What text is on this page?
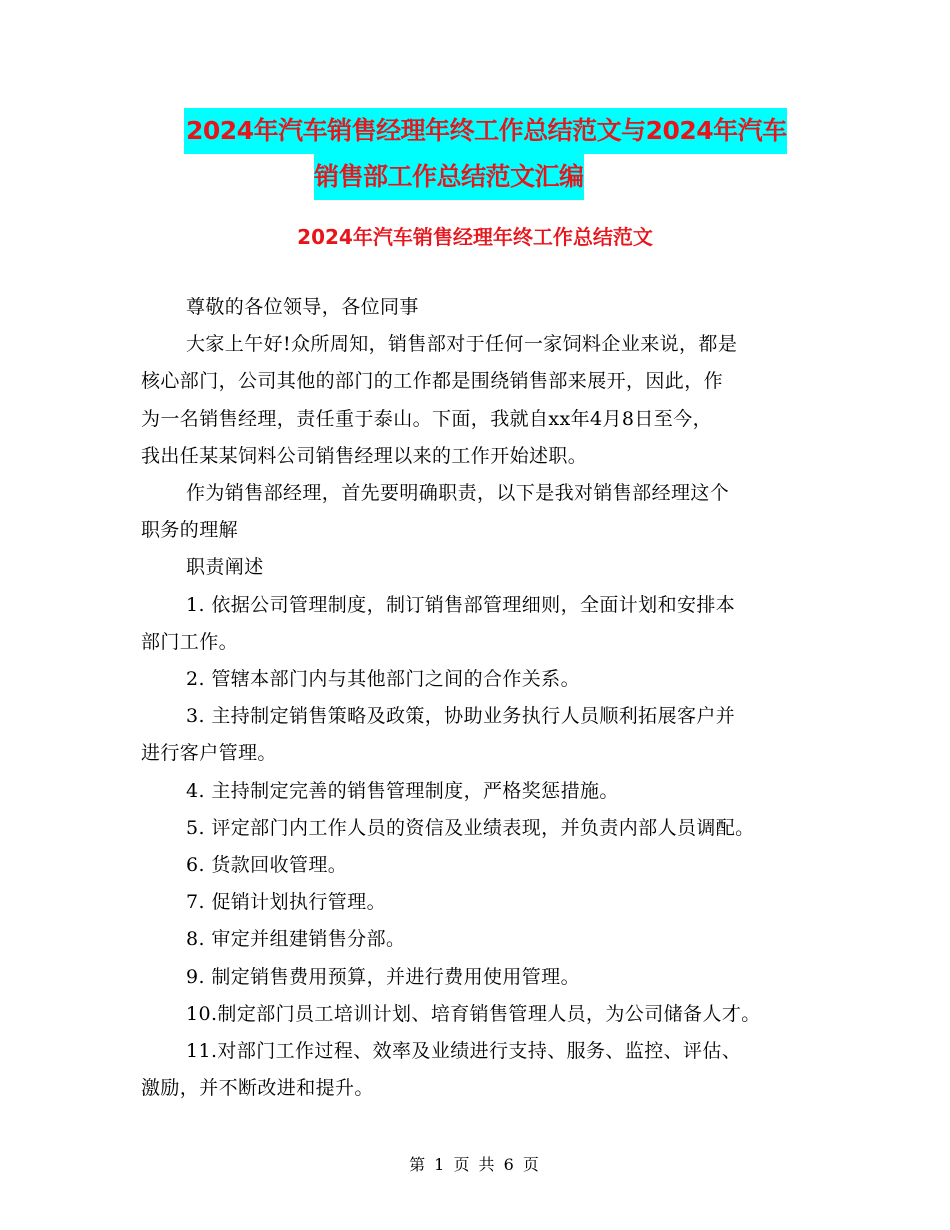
2024年汽车销售经理年终工作总结范文与2024年汽车
销售部工作总结范文汇编
2024年汽车销售经理年终工作总结范文
尊敬的各位领导，各位同事
大家上午好!众所周知，销售部对于任何一家饲料企业来说，都是
核心部门，公司其他的部门的工作都是围绕销售部来展开，因此，作
为一名销售经理，责任重于泰山。下面，我就自xx年4月8日至今，
我出任某某饲料公司销售经理以来的工作开始述职。
作为销售部经理，首先要明确职责，以下是我对销售部经理这个
职务的理解
职责阐述
1. 依据公司管理制度，制订销售部管理细则，全面计划和安排本
部门工作。
2. 管辖本部门内与其他部门之间的合作关系。
3. 主持制定销售策略及政策，协助业务执行人员顺利拓展客户并
进行客户管理。
4. 主持制定完善的销售管理制度，严格奖惩措施。
5. 评定部门内工作人员的资信及业绩表现，并负责内部人员调配。
6. 货款回收管理。
7. 促销计划执行管理。
8. 审定并组建销售分部。
9. 制定销售费用预算，并进行费用使用管理。
10.制定部门员工培训计划、培育销售管理人员，为公司储备人才。
11.对部门工作过程、效率及业绩进行支持、服务、监控、评估、
激励，并不断改进和提升。
第 1 页 共 6 页
